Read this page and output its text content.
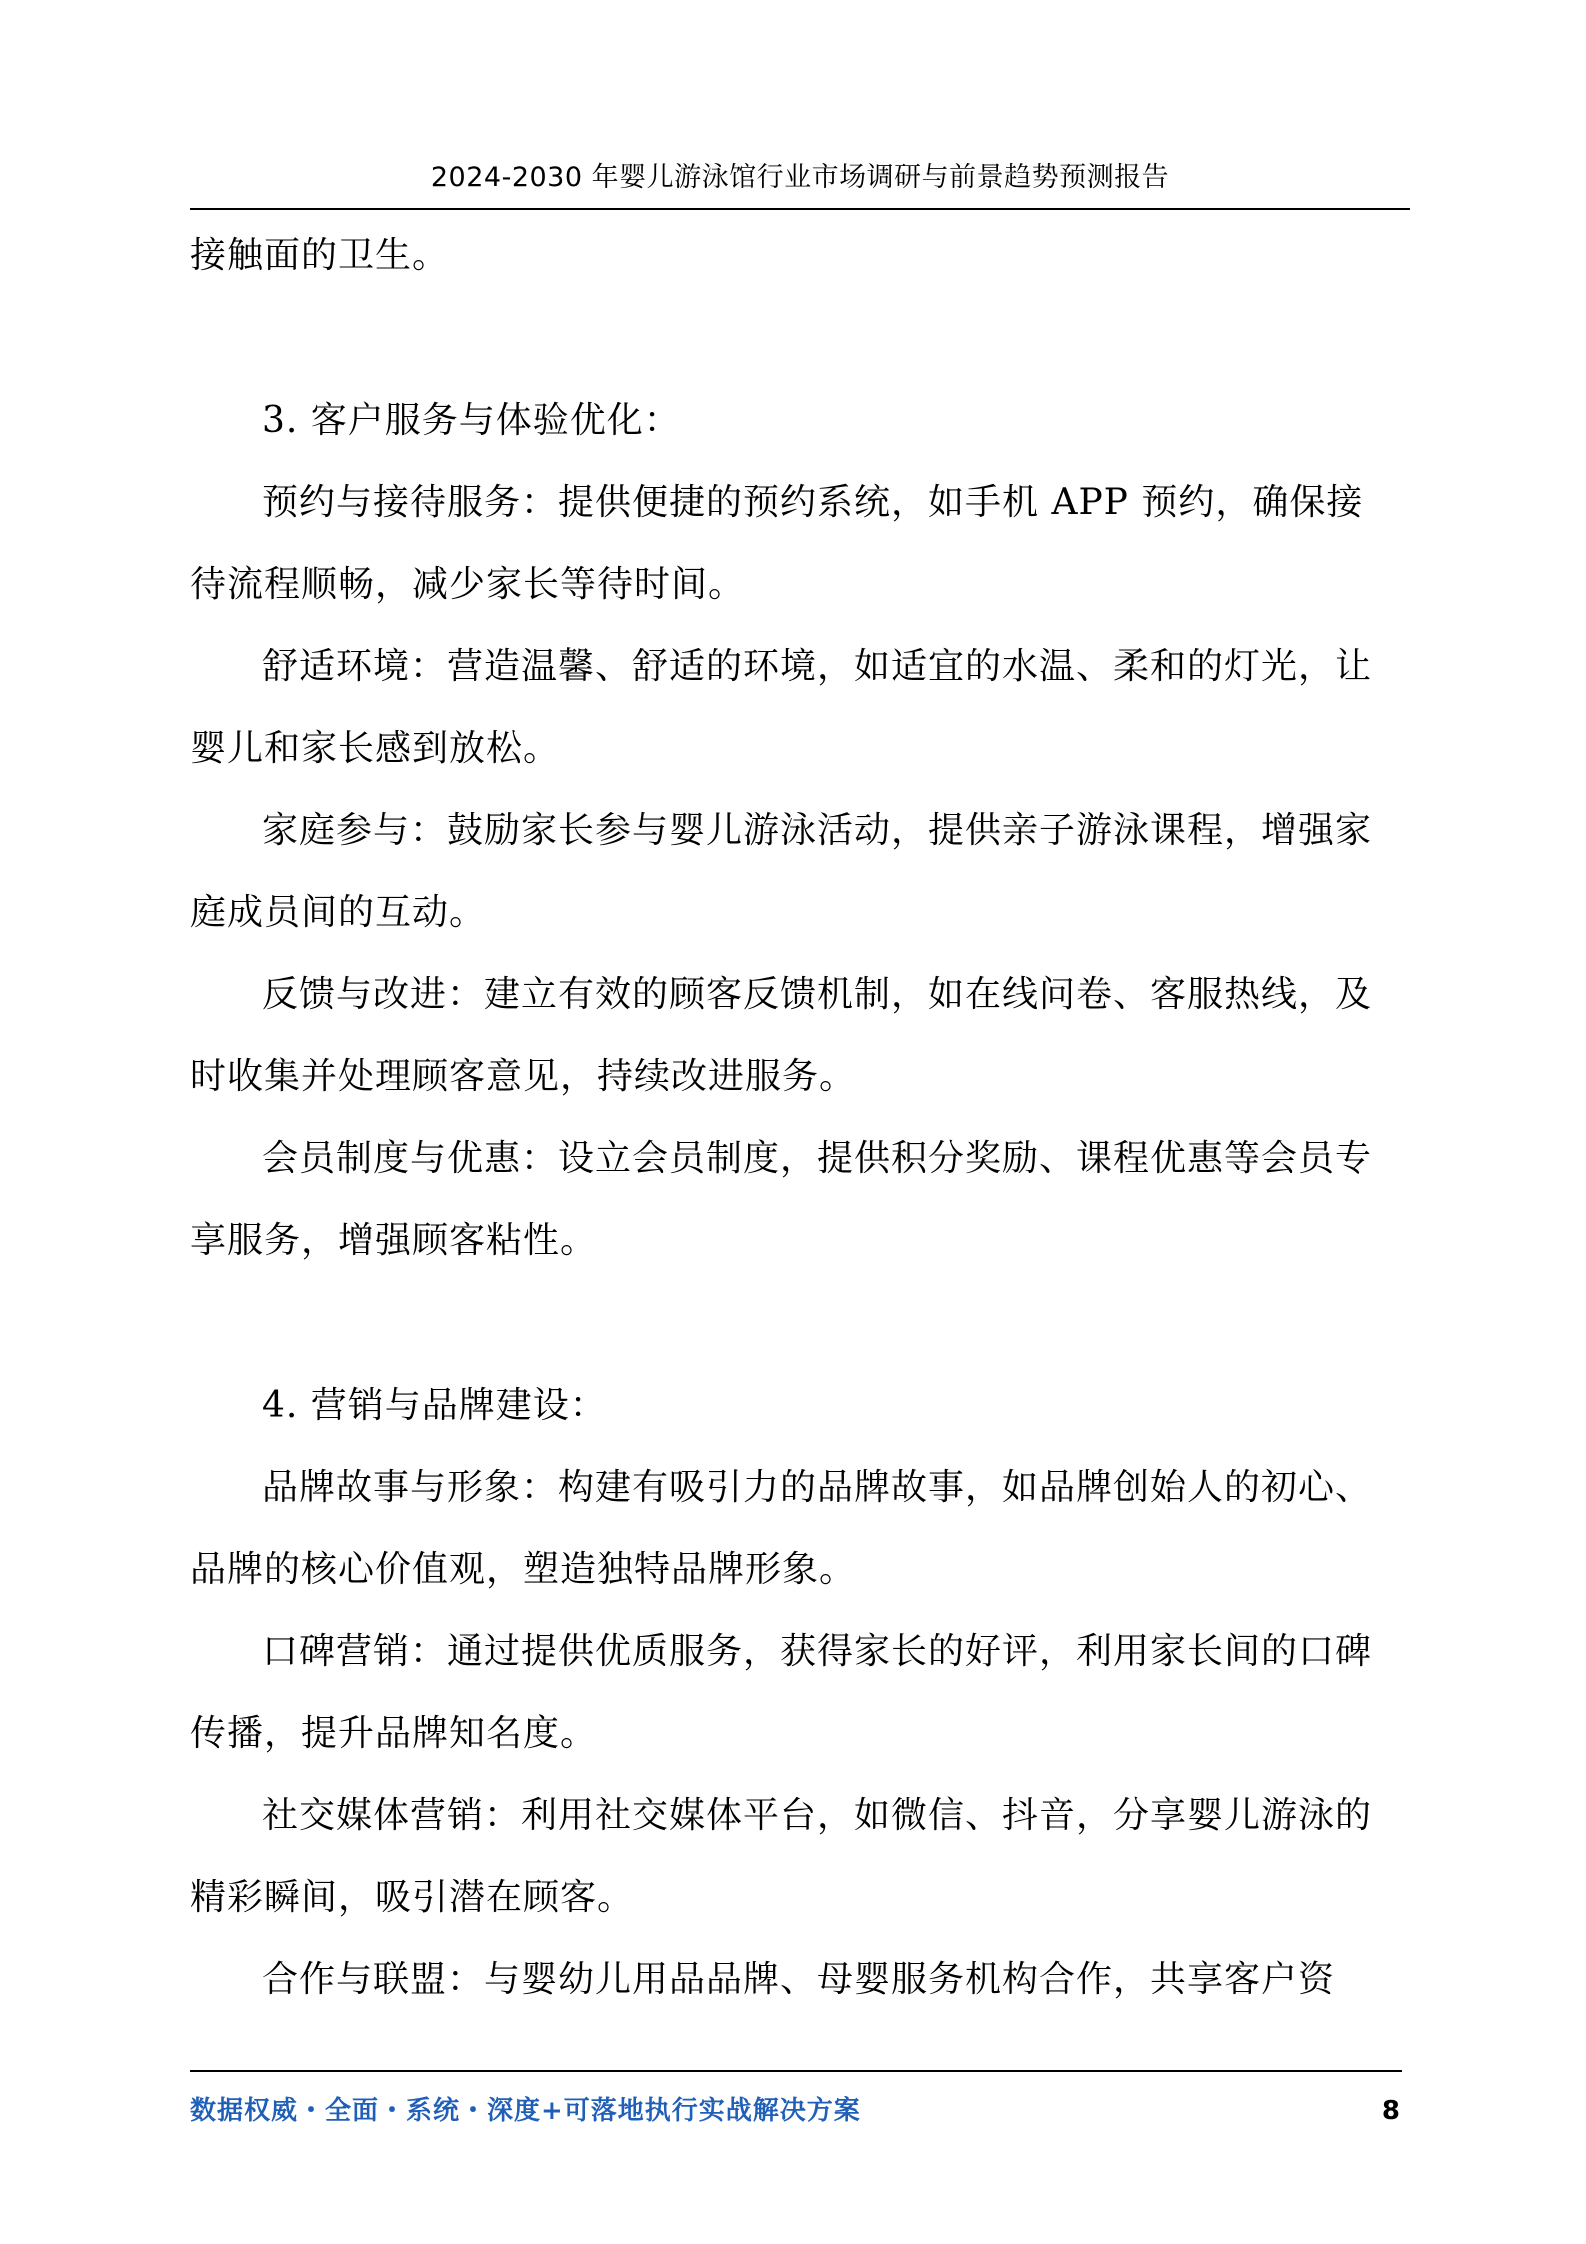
2024-2030 年婴儿游泳馆行业市场调研与前景趋势预测报告

接触面的卫生。

3. 客户服务与体验优化：

预约与接待服务：提供便捷的预约系统，如手机 APP 预约，确保接待流程顺畅，减少家长等待时间。

舒适环境：营造温馨、舒适的环境，如适宜的水温、柔和的灯光，让婴儿和家长感到放松。

家庭参与：鼓励家长参与婴儿游泳活动，提供亲子游泳课程，增强家庭成员间的互动。

反馈与改进：建立有效的顾客反馈机制，如在线问卷、客服热线，及时收集并处理顾客意见，持续改进服务。

会员制度与优惠：设立会员制度，提供积分奖励、课程优惠等会员专享服务，增强顾客粘性。

4. 营销与品牌建设：

品牌故事与形象：构建有吸引力的品牌故事，如品牌创始人的初心、品牌的核心价值观，塑造独特品牌形象。

口碑营销：通过提供优质服务，获得家长的好评，利用家长间的口碑传播，提升品牌知名度。

社交媒体营销：利用社交媒体平台，如微信、抖音，分享婴儿游泳的精彩瞬间，吸引潜在顾客。

合作与联盟：与婴幼儿用品品牌、母婴服务机构合作，共享客户资

数据权威・全面・系统・深度+可落地执行实战解决方案	8
